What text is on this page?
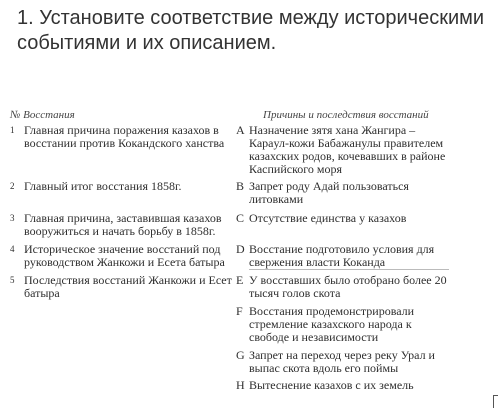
1. Установите соответствие между историческими событиями и их описанием.
№ Восстания	Причины и последствия восстаний
1 Главная причина поражения казахов в восстании против Кокандского ханства
2 Главный итог восстания 1858г.
3 Главная причина, заставившая казахов вооружиться и начать борьбу в 1858г.
4 Историческое значение восстаний под руководством Жанкожи и Есета батыра
5 Последствия восстаний Жанкожи и Есет батыра
A Назначение зятя хана Жангира – Карaул-кожи Бабажанулы правителем казахских родов, кочевавших в районе Каспийского моря
B Запрет роду Адай пользоваться литовками
C Отсутствие единства у казахов
D Восстание подготовило условия для свержения власти Коканда
E У восставших было отобрано более 20 тысяч голов скота
F Восстания продемонстрировали стремление казахского народа к свободе и независимости
G Запрет на переход через реку Урал и выпас скота вдоль его поймы
H Вытеснение казахов с их земель
